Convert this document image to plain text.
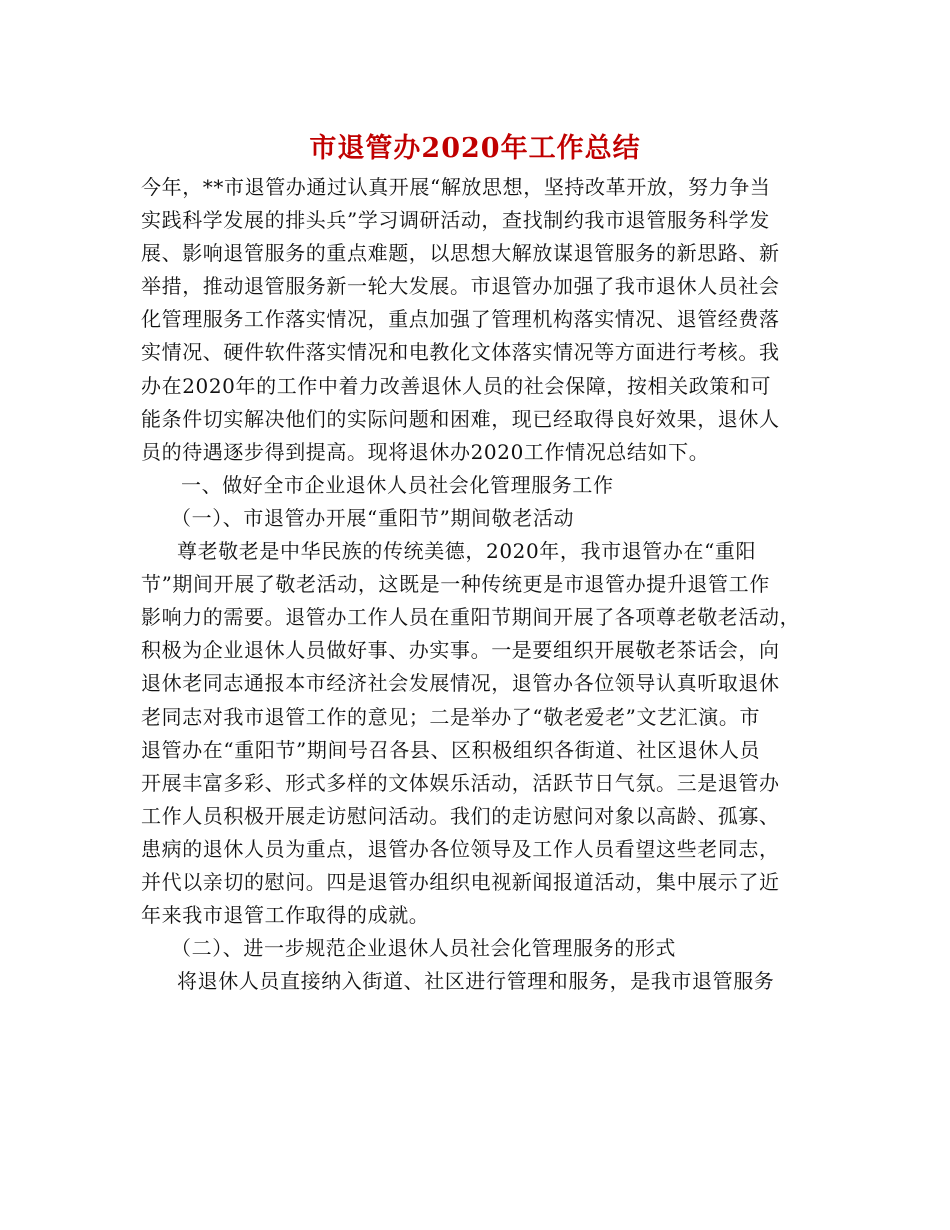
市退管办2020年工作总结
今年，**市退管办通过认真开展“解放思想，坚持改革开放，努力争当
实践科学发展的排头兵”学习调研活动，查找制约我市退管服务科学发
展、影响退管服务的重点难题，以思想大解放谋退管服务的新思路、新
举措，推动退管服务新一轮大发展。市退管办加强了我市退休人员社会
化管理服务工作落实情况，重点加强了管理机构落实情况、退管经费落
实情况、硬件软件落实情况和电教化文体落实情况等方面进行考核。我
办在2020年的工作中着力改善退休人员的社会保障，按相关政策和可
能条件切实解决他们的实际问题和困难，现已经取得良好效果，退休人
员的待遇逐步得到提高。现将退休办2020工作情况总结如下。
一、做好全市企业退休人员社会化管理服务工作
（一）、市退管办开展“重阳节”期间敬老活动
尊老敬老是中华民族的传统美德，2020年，我市退管办在“重阳
节”期间开展了敬老活动，这既是一种传统更是市退管办提升退管工作
影响力的需要。退管办工作人员在重阳节期间开展了各项尊老敬老活动，
积极为企业退休人员做好事、办实事。一是要组织开展敬老茶话会，向
退休老同志通报本市经济社会发展情况，退管办各位领导认真听取退休
老同志对我市退管工作的意见；二是举办了“敬老爱老”文艺汇演。市
退管办在“重阳节”期间号召各县、区积极组织各街道、社区退休人员
开展丰富多彩、形式多样的文体娱乐活动，活跃节日气氛。三是退管办
工作人员积极开展走访慰问活动。我们的走访慰问对象以高龄、孤寡、
患病的退休人员为重点，退管办各位领导及工作人员看望这些老同志，
并代以亲切的慰问。四是退管办组织电视新闻报道活动，集中展示了近
年来我市退管工作取得的成就。
（二）、进一步规范企业退休人员社会化管理服务的形式
将退休人员直接纳入街道、社区进行管理和服务，是我市退管服务
